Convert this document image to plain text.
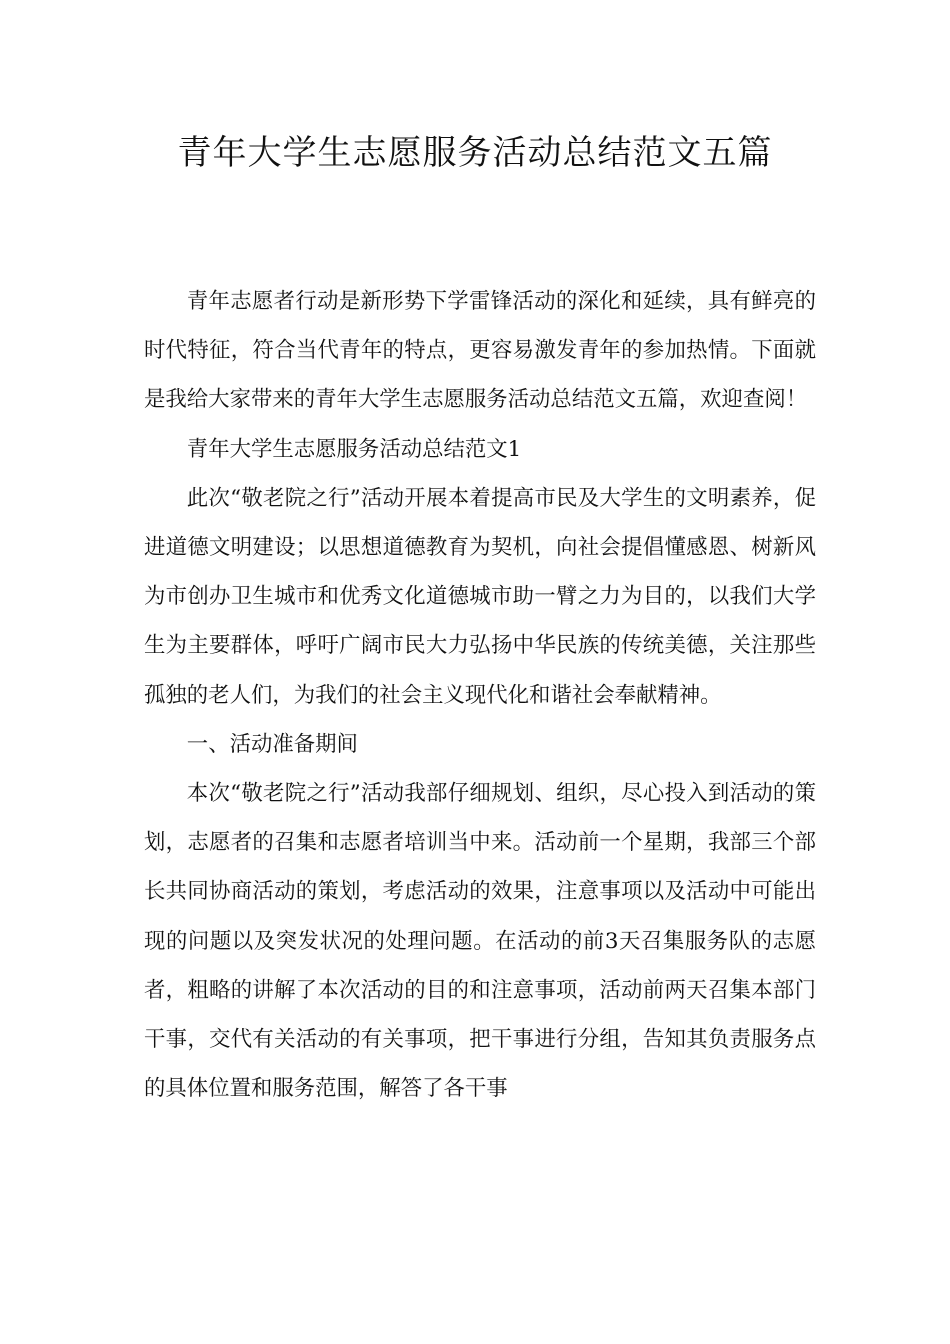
青年大学生志愿服务活动总结范文五篇

青年志愿者行动是新形势下学雷锋活动的深化和延续，具有鲜亮的时代特征，符合当代青年的特点，更容易激发青年的参加热情。下面就是我给大家带来的青年大学生志愿服务活动总结范文五篇，欢迎查阅！

青年大学生志愿服务活动总结范文1

此次“敬老院之行”活动开展本着提高市民及大学生的文明素养，促进道德文明建设；以思想道德教育为契机，向社会提倡懂感恩、树新风为市创办卫生城市和优秀文化道德城市助一臂之力为目的，以我们大学生为主要群体，呼吁广阔市民大力弘扬中华民族的传统美德，关注那些孤独的老人们，为我们的社会主义现代化和谐社会奉献精神。

一、活动准备期间

本次“敬老院之行”活动我部仔细规划、组织，尽心投入到活动的策划，志愿者的召集和志愿者培训当中来。活动前一个星期，我部三个部长共同协商活动的策划，考虑活动的效果，注意事项以及活动中可能出现的问题以及突发状况的处理问题。在活动的前3天召集服务队的志愿者，粗略的讲解了本次活动的目的和注意事项，活动前两天召集本部门干事，交代有关活动的有关事项，把干事进行分组，告知其负责服务点的具体位置和服务范围，解答了各干事
